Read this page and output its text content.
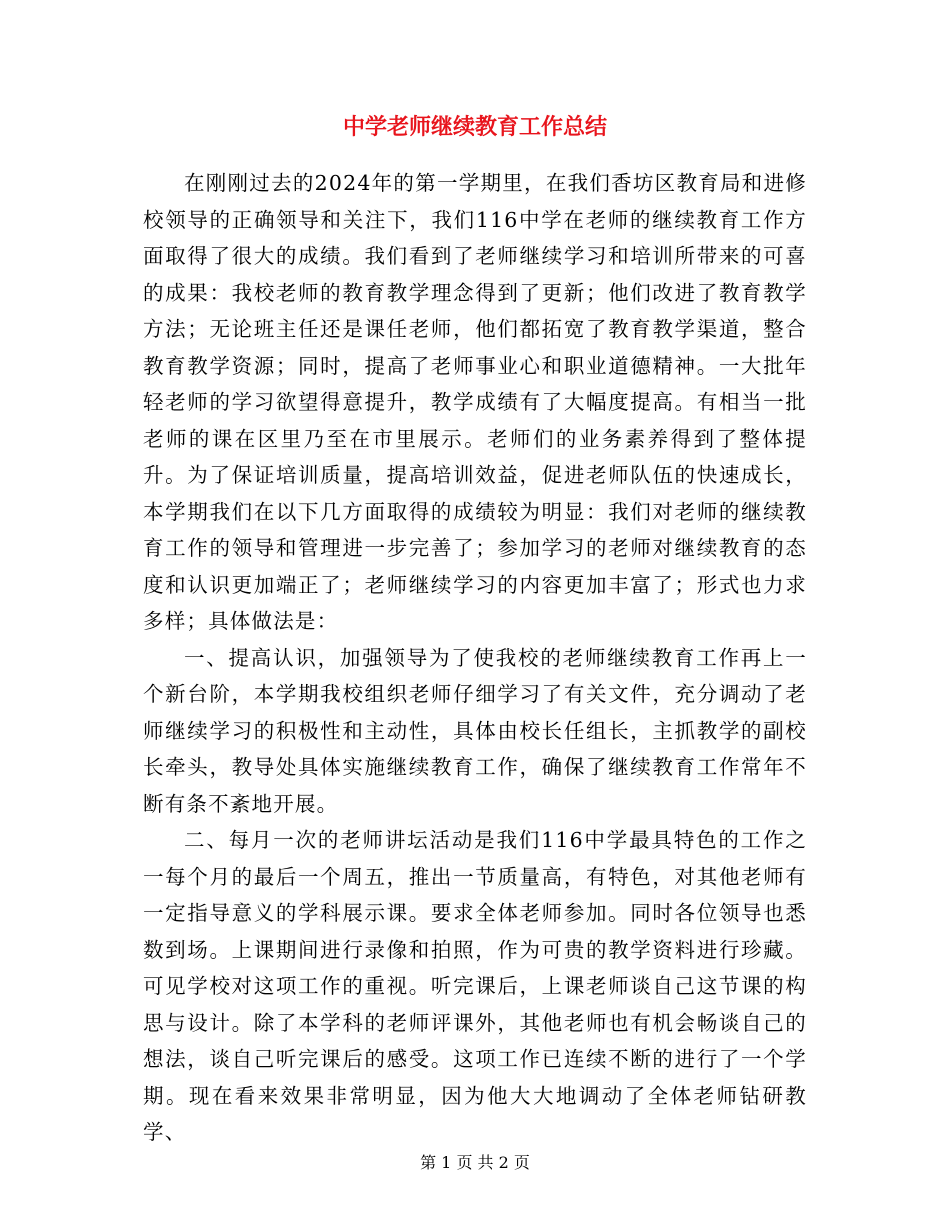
中学老师继续教育工作总结

在刚刚过去的2024年的第一学期里，在我们香坊区教育局和进修校领导的正确领导和关注下，我们116中学在老师的继续教育工作方面取得了很大的成绩。我们看到了老师继续学习和培训所带来的可喜的成果：我校老师的教育教学理念得到了更新；他们改进了教育教学方法；无论班主任还是课任老师，他们都拓宽了教育教学渠道，整合教育教学资源；同时，提高了老师事业心和职业道德精神。一大批年轻老师的学习欲望得意提升，教学成绩有了大幅度提高。有相当一批老师的课在区里乃至在市里展示。老师们的业务素养得到了整体提升。为了保证培训质量，提高培训效益，促进老师队伍的快速成长，本学期我们在以下几方面取得的成绩较为明显：我们对老师的继续教育工作的领导和管理进一步完善了；参加学习的老师对继续教育的态度和认识更加端正了；老师继续学习的内容更加丰富了；形式也力求多样；具体做法是：

一、提高认识，加强领导为了使我校的老师继续教育工作再上一个新台阶，本学期我校组织老师仔细学习了有关文件，充分调动了老师继续学习的积极性和主动性，具体由校长任组长，主抓教学的副校长牵头，教导处具体实施继续教育工作，确保了继续教育工作常年不断有条不紊地开展。

二、每月一次的老师讲坛活动是我们116中学最具特色的工作之一每个月的最后一个周五，推出一节质量高，有特色，对其他老师有一定指导意义的学科展示课。要求全体老师参加。同时各位领导也悉数到场。上课期间进行录像和拍照，作为可贵的教学资料进行珍藏。可见学校对这项工作的重视。听完课后，上课老师谈自己这节课的构思与设计。除了本学科的老师评课外，其他老师也有机会畅谈自己的想法，谈自己听完课后的感受。这项工作已连续不断的进行了一个学期。现在看来效果非常明显，因为他大大地调动了全体老师钻研教学、

第 1 页 共 2 页
